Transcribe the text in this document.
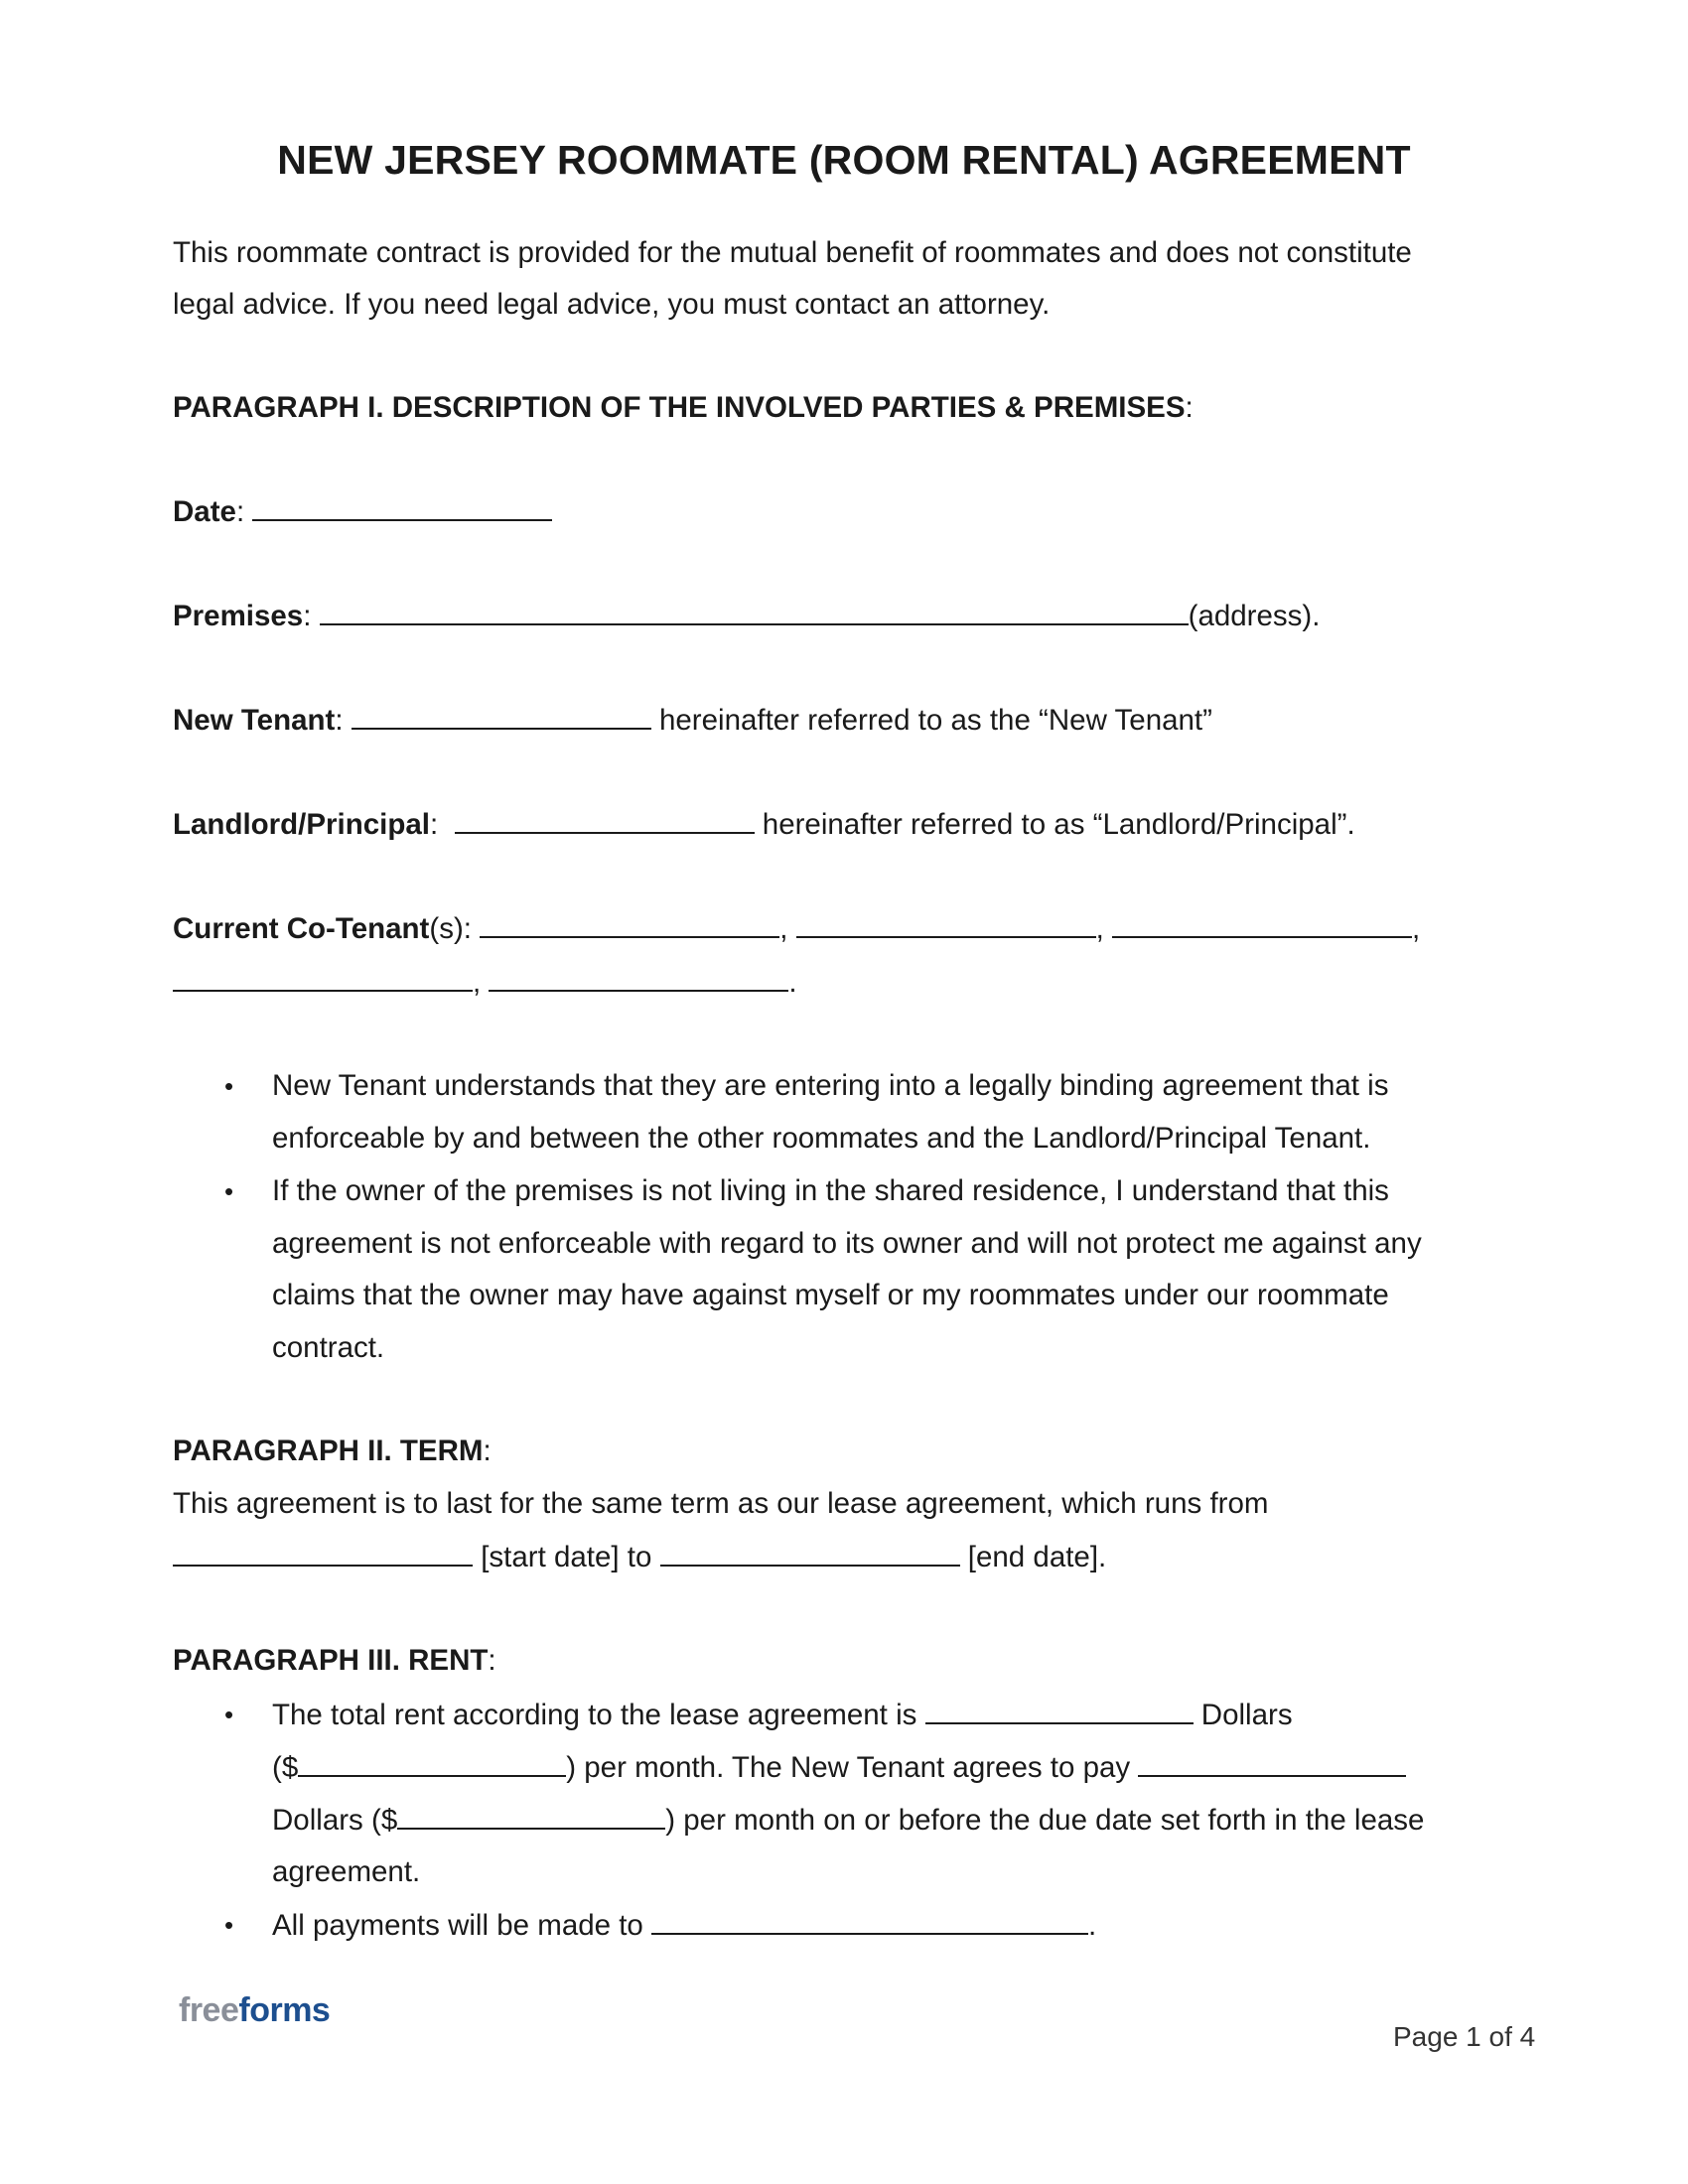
NEW JERSEY ROOMMATE (ROOM RENTAL) AGREEMENT
This roommate contract is provided for the mutual benefit of roommates and does not constitute
legal advice. If you need legal advice, you must contact an attorney.
PARAGRAPH I. DESCRIPTION OF THE INVOLVED PARTIES & PREMISES:
Date:
Premises:	(address).
New Tenant:	hereinafter referred to as the “New Tenant”
Landlord/Principal:	hereinafter referred to as “Landlord/Principal”.
Current Co-Tenant(s):	,	,	,
,	.
• New Tenant understands that they are entering into a legally binding agreement that is
enforceable by and between the other roommates and the Landlord/Principal Tenant.
• If the owner of the premises is not living in the shared residence, I understand that this
agreement is not enforceable with regard to its owner and will not protect me against any
claims that the owner may have against myself or my roommates under our roommate
contract.
PARAGRAPH II. TERM:
This agreement is to last for the same term as our lease agreement, which runs from
[start date] to	[end date].
PARAGRAPH III. RENT:
• The total rent according to the lease agreement is	Dollars
($	) per month. The New Tenant agrees to pay
Dollars ($	) per month on or before the due date set forth in the lease
agreement.
• All payments will be made to	.
freeforms
Page 1 of 4
